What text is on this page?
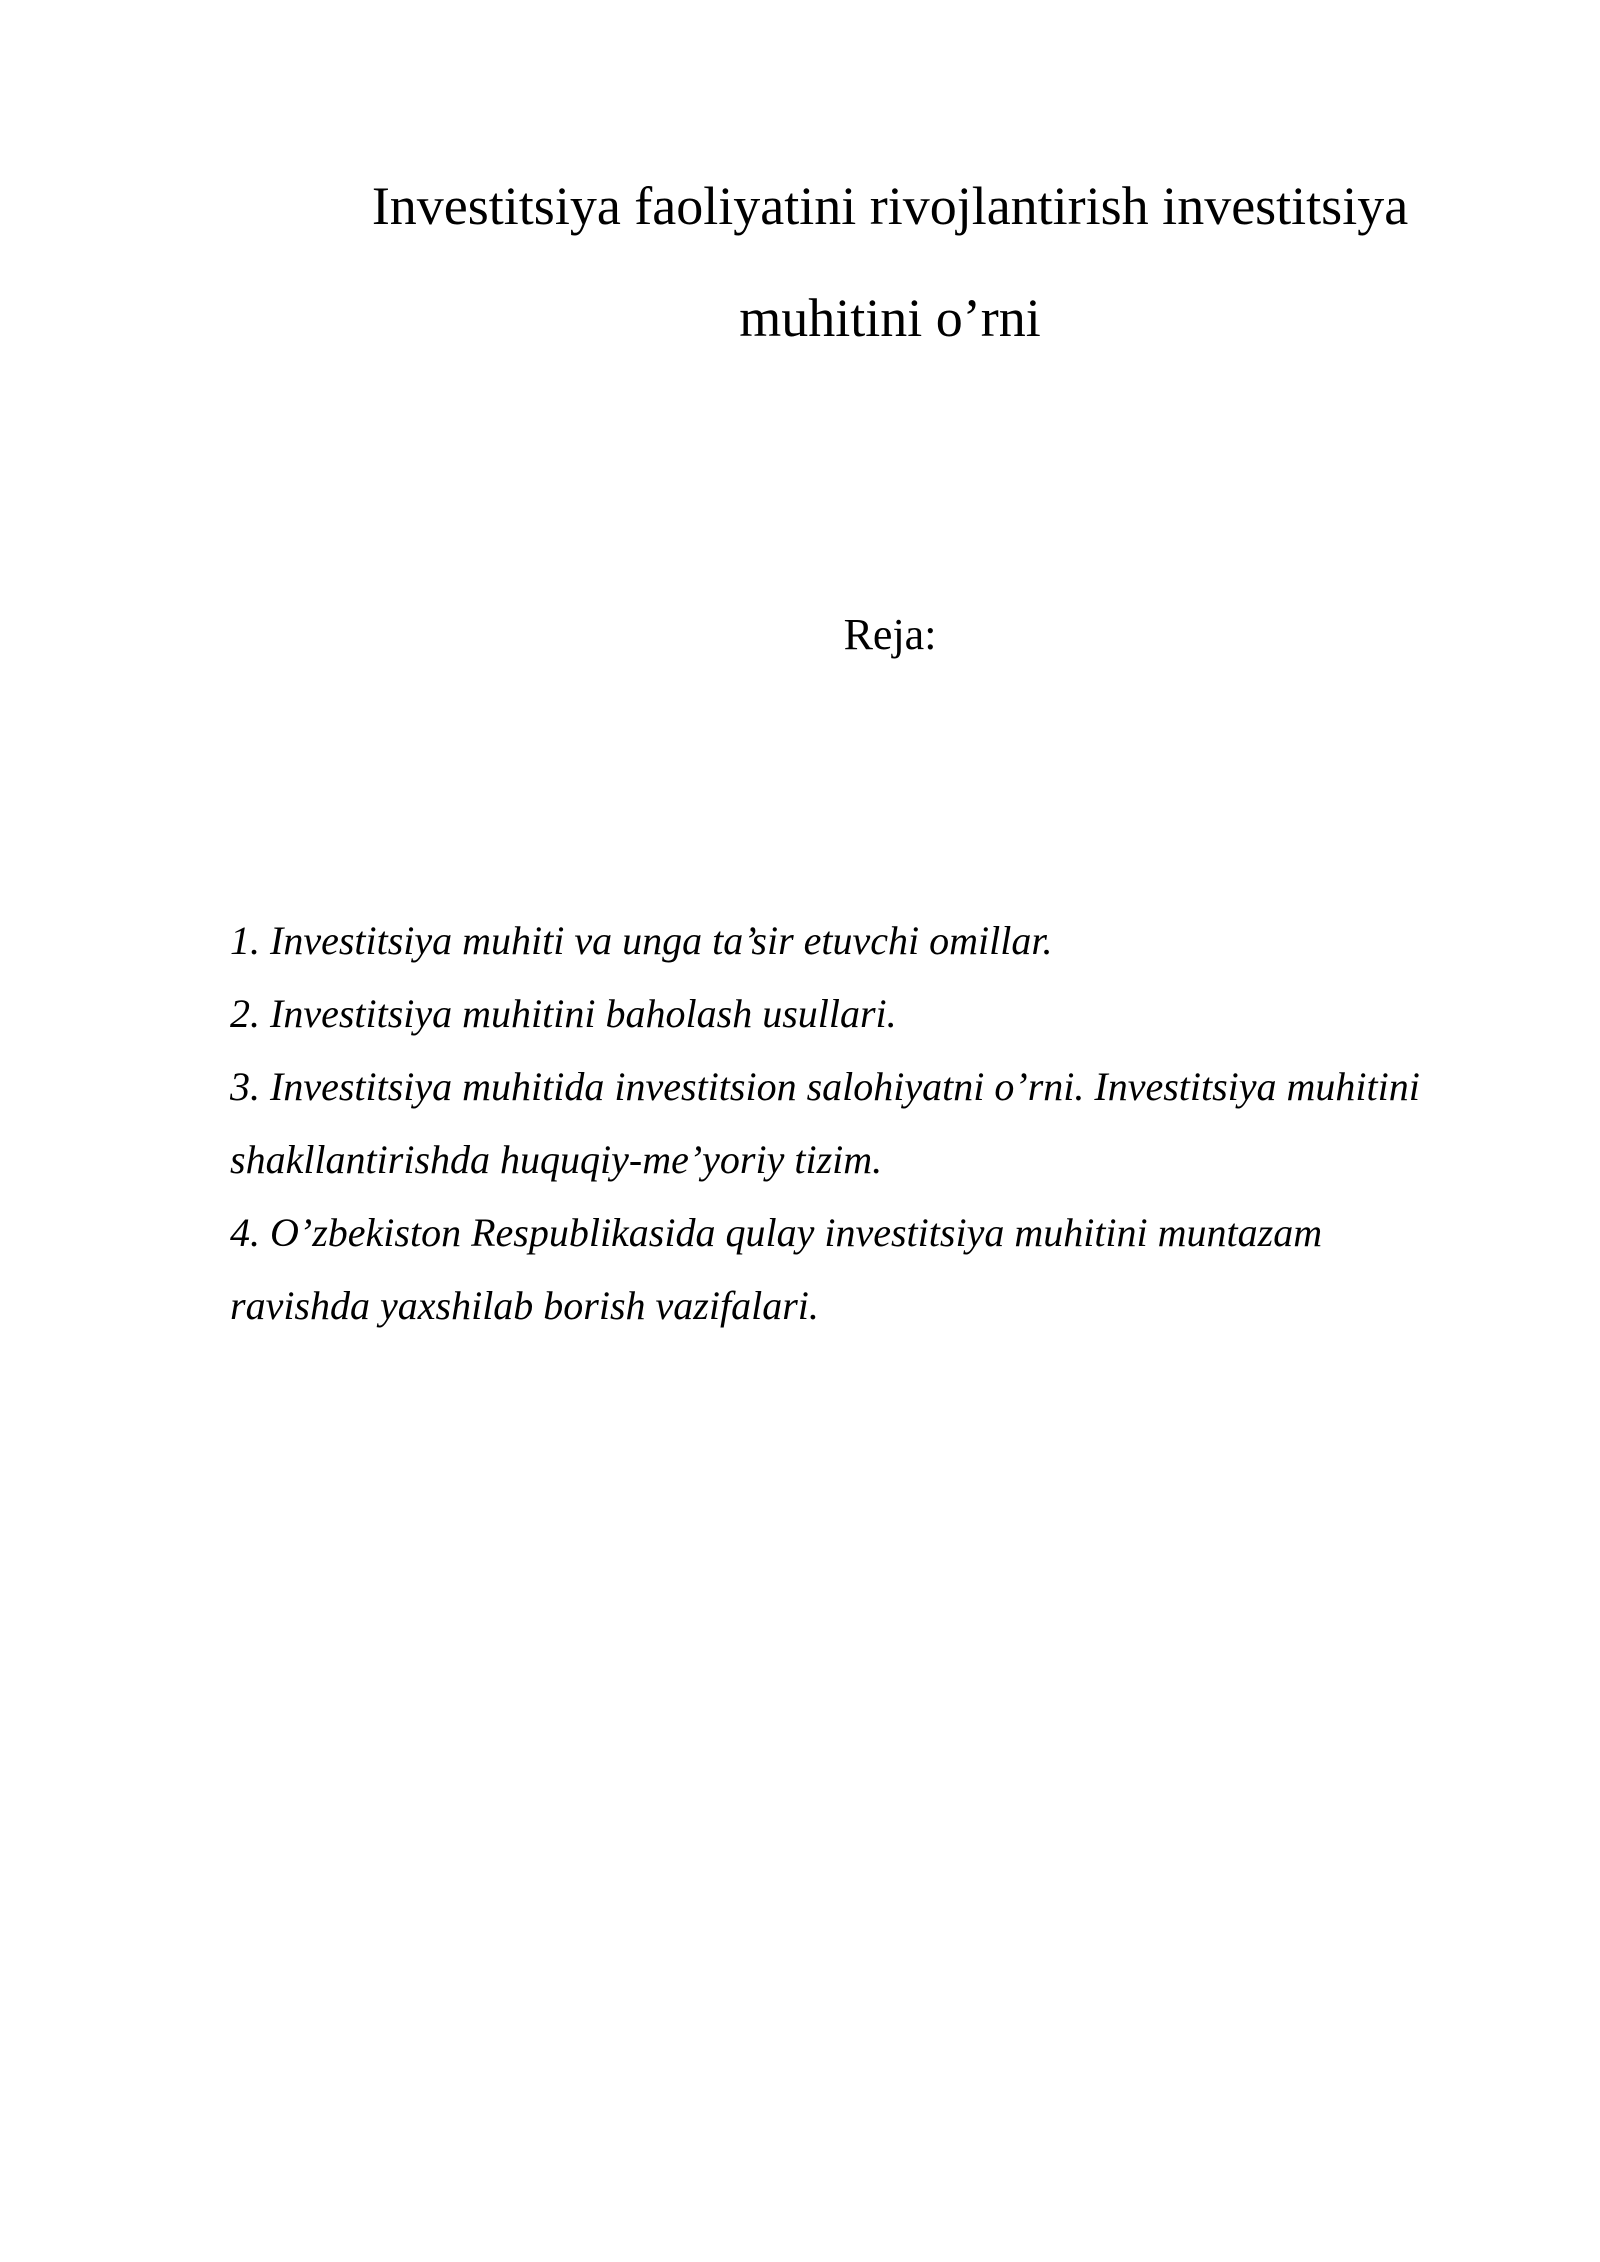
Investitsiya faoliyatini rivojlantirish investitsiya
muhitini o’rni
Reja:
1. Investitsiya muhiti va unga ta’sir etuvchi omillar.
2. Investitsiya muhitini baholash usullari.
3. Investitsiya muhitida investitsion salohiyatni o’rni. Investitsiya muhitini shakllantirishda huquqiy-me’yoriy tizim.
4. O’zbekiston Respublikasida qulay investitsiya muhitini muntazam ravishda yaxshilab borish vazifalari.
